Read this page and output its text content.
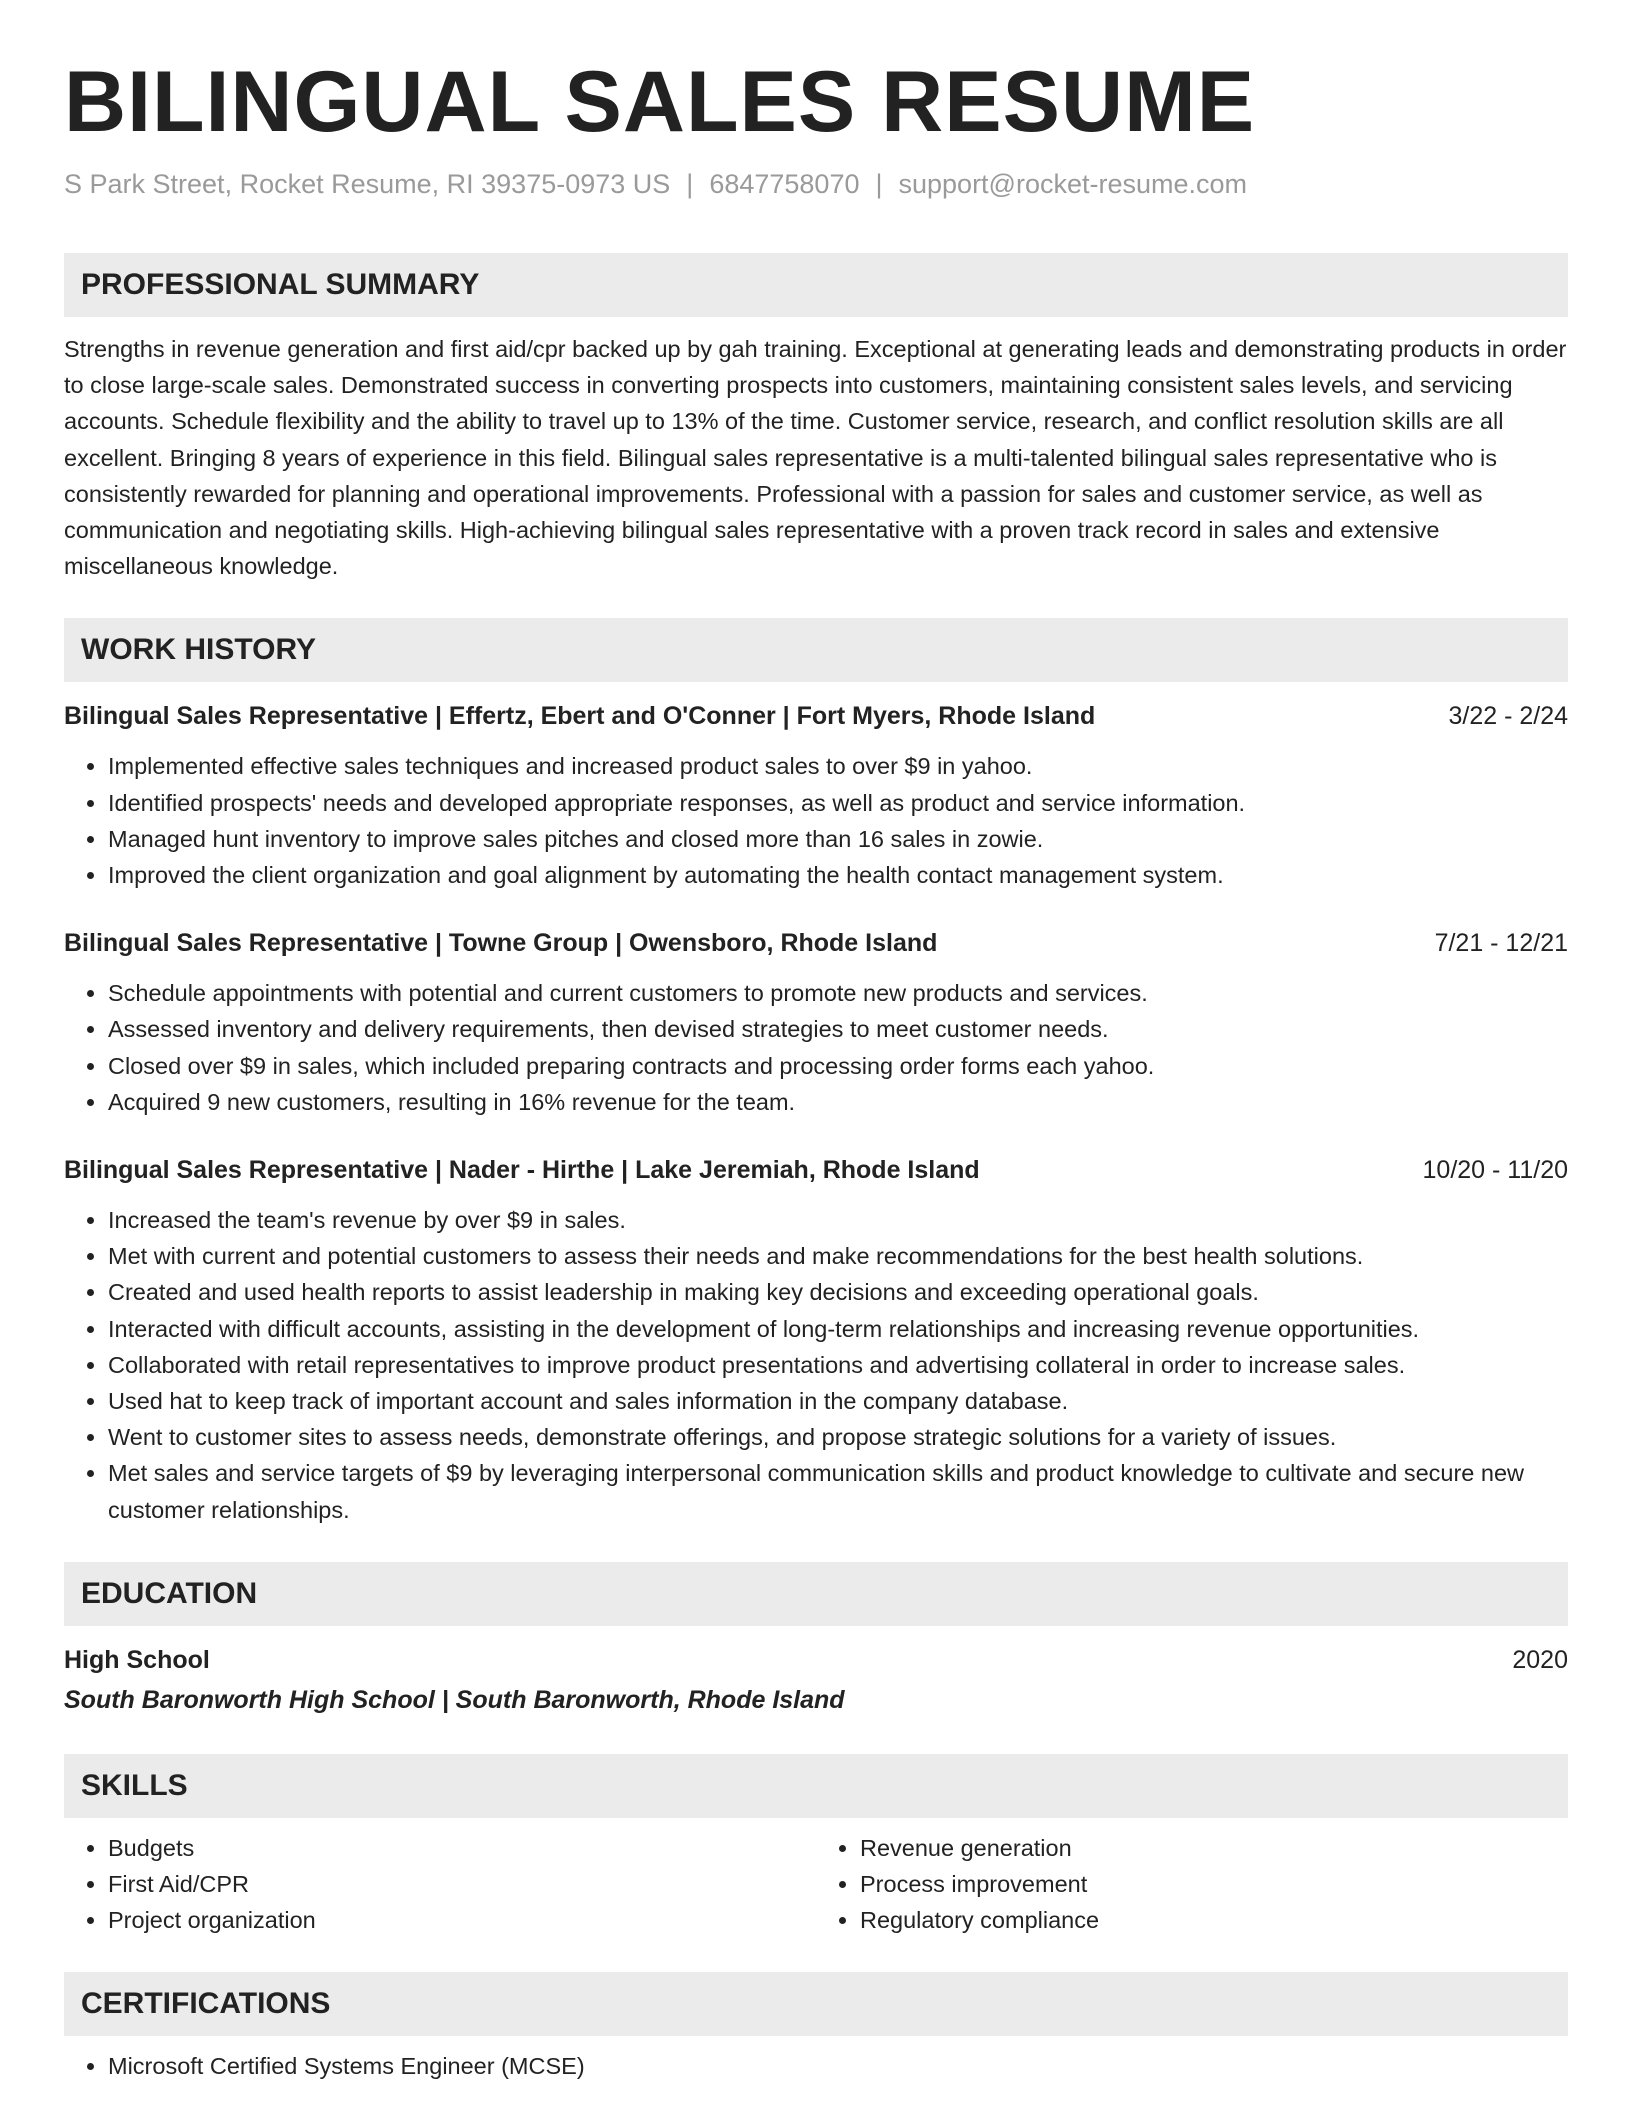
BILINGUAL SALES RESUME
S Park Street, Rocket Resume, RI 39375-0973 US | 6847758070 | support@rocket-resume.com
PROFESSIONAL SUMMARY
Strengths in revenue generation and first aid/cpr backed up by gah training. Exceptional at generating leads and demonstrating products in order to close large-scale sales. Demonstrated success in converting prospects into customers, maintaining consistent sales levels, and servicing accounts. Schedule flexibility and the ability to travel up to 13% of the time. Customer service, research, and conflict resolution skills are all excellent. Bringing 8 years of experience in this field. Bilingual sales representative is a multi-talented bilingual sales representative who is consistently rewarded for planning and operational improvements. Professional with a passion for sales and customer service, as well as communication and negotiating skills. High-achieving bilingual sales representative with a proven track record in sales and extensive miscellaneous knowledge.
WORK HISTORY
Bilingual Sales Representative | Effertz, Ebert and O'Conner | Fort Myers, Rhode Island	3/22 - 2/24
• Implemented effective sales techniques and increased product sales to over $9 in yahoo.
• Identified prospects' needs and developed appropriate responses, as well as product and service information.
• Managed hunt inventory to improve sales pitches and closed more than 16 sales in zowie.
• Improved the client organization and goal alignment by automating the health contact management system.
Bilingual Sales Representative | Towne Group | Owensboro, Rhode Island	7/21 - 12/21
• Schedule appointments with potential and current customers to promote new products and services.
• Assessed inventory and delivery requirements, then devised strategies to meet customer needs.
• Closed over $9 in sales, which included preparing contracts and processing order forms each yahoo.
• Acquired 9 new customers, resulting in 16% revenue for the team.
Bilingual Sales Representative | Nader - Hirthe | Lake Jeremiah, Rhode Island	10/20 - 11/20
• Increased the team's revenue by over $9 in sales.
• Met with current and potential customers to assess their needs and make recommendations for the best health solutions.
• Created and used health reports to assist leadership in making key decisions and exceeding operational goals.
• Interacted with difficult accounts, assisting in the development of long-term relationships and increasing revenue opportunities.
• Collaborated with retail representatives to improve product presentations and advertising collateral in order to increase sales.
• Used hat to keep track of important account and sales information in the company database.
• Went to customer sites to assess needs, demonstrate offerings, and propose strategic solutions for a variety of issues.
• Met sales and service targets of $9 by leveraging interpersonal communication skills and product knowledge to cultivate and secure new customer relationships.
EDUCATION
High School	2020
South Baronworth High School | South Baronworth, Rhode Island
SKILLS
• Budgets
• First Aid/CPR
• Project organization
• Revenue generation
• Process improvement
• Regulatory compliance
CERTIFICATIONS
• Microsoft Certified Systems Engineer (MCSE)
